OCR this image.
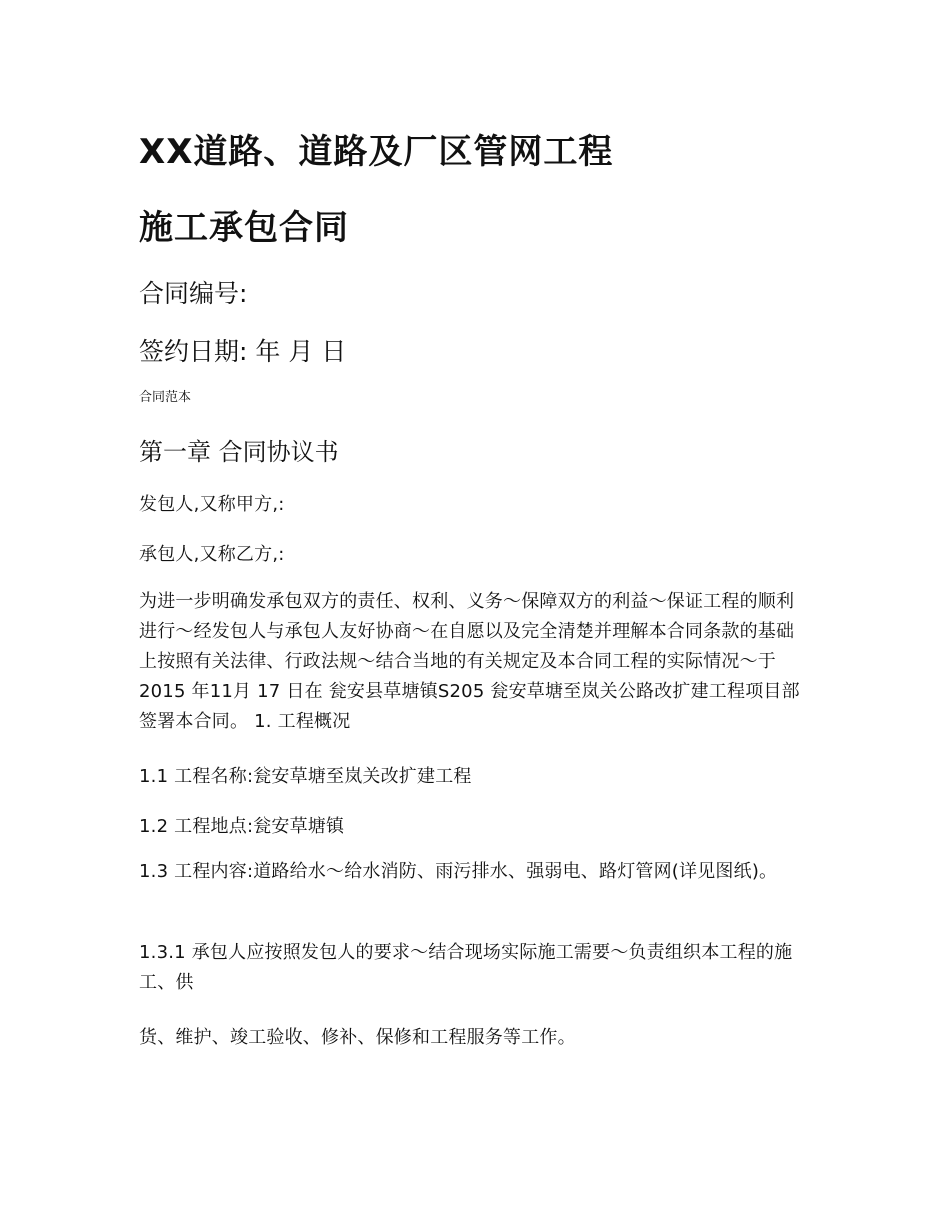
XX道路、道路及厂区管网工程
施工承包合同
合同编号:
签约日期: 年 月 日
合同范本
第一章 合同协议书
发包人,又称甲方,:
承包人,又称乙方,:

为进一步明确发承包双方的责任、权利、义务～保障双方的利益～保证工程的顺利进行～经发包人与承包人友好协商～在自愿以及完全清楚并理解本合同条款的基础上按照有关法律、行政法规～结合当地的有关规定及本合同工程的实际情况～于 2015 年11月 17 日在 瓮安县草塘镇S205 瓮安草塘至岚关公路改扩建工程项目部 签署本合同。 1. 工程概况

1.1 工程名称:瓮安草塘至岚关改扩建工程
1.2 工程地点:瓮安草塘镇

1.3 工程内容:道路给水～给水消防、雨污排水、强弱电、路灯管网(详见图纸)。

1.3.1 承包人应按照发包人的要求～结合现场实际施工需要～负责组织本工程的施工、供

货、维护、竣工验收、修补、保修和工程服务等工作。
